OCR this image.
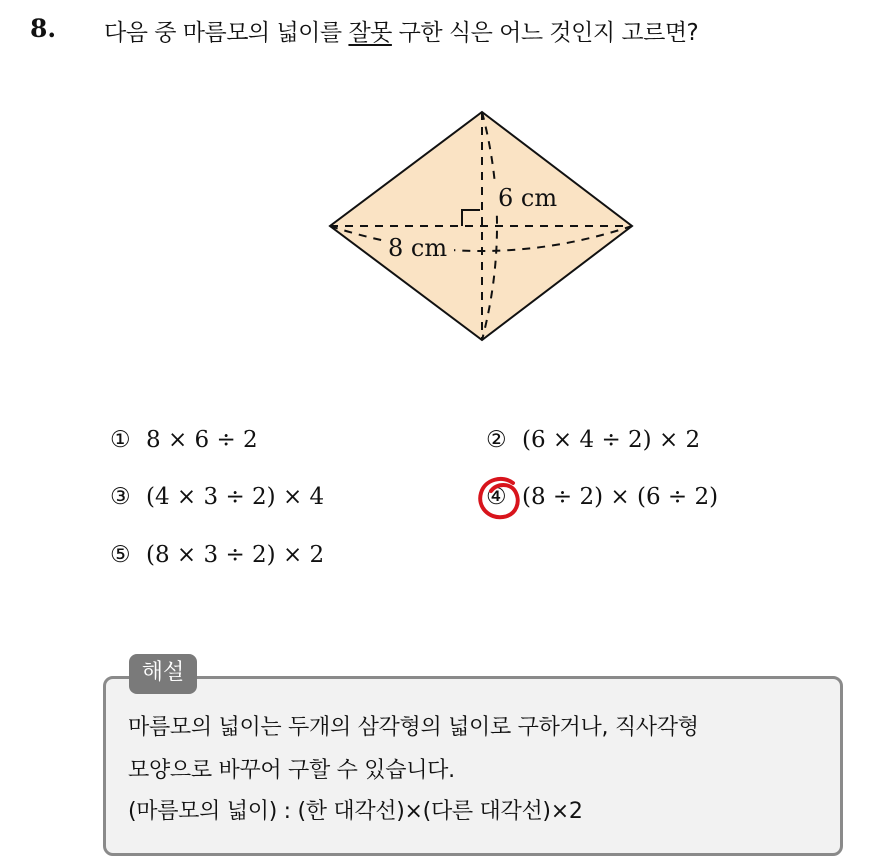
8. 다음 중 마름모의 넓이를 잘못 구한 식은 어느 것인지 고르면?
6 cm
8 cm
① 8 × 6 ÷ 2	② (6 × 4 ÷ 2) × 2
③ (4 × 3 ÷ 2) × 4	④ (8 ÷ 2) × (6 ÷ 2)
⑤ (8 × 3 ÷ 2) × 2
해설
마름모의 넓이는 두개의 삼각형의 넓이로 구하거나, 직사각형
모양으로 바꾸어 구할 수 있습니다.
(마름모의 넓이) : (한 대각선)×(다른 대각선)×2
